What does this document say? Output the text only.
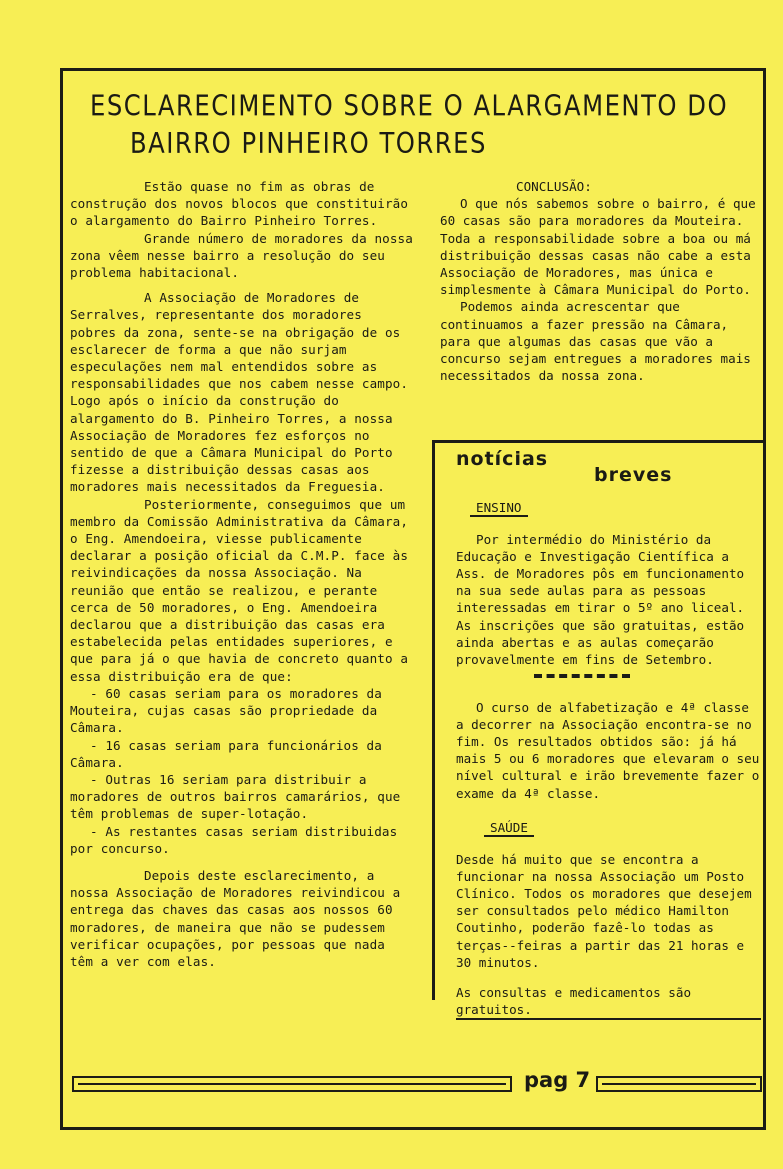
ESCLARECIMENTO SOBRE O ALARGAMENTO DO
BAIRRO PINHEIRO TORRES

Estão quase no fim as obras de construção dos novos blocos que constituirão o alargamento do Bairro Pinheiro Torres.

Grande número de moradores da nossa zona vêem nesse bairro a resolução do seu problema habitacional.

A Associação de Moradores de Serralves, representante dos moradores pobres da zona, sente-se na obrigação de os esclarecer de forma a que não surjam especulações nem mal entendidos sobre as responsabilidades que nos cabem nesse campo. Logo após o início da construção do alargamento do B. Pinheiro Torres, a nossa Associação de Moradores fez esforços no sentido de que a Câmara Municipal do Porto fizesse a distribuição dessas casas aos moradores mais necessitados da Freguesia.

Posteriormente, conseguimos que um membro da Comissão Administrativa da Câmara, o Eng. Amendoeira, viesse publicamente declarar a posição oficial da C.M.P. face às reivindicações da nossa Associação. Na reunião que então se realizou, e perante cerca de 50 moradores, o Eng. Amendoeira declarou que a distribuição das casas era estabelecida pelas entidades superiores, e que para já o que havia de concreto quanto a essa distribuição era de que:

- 60 casas seriam para os moradores da Mouteira, cujas casas são propriedade da Câmara.

- 16 casas seriam para funcionários da Câmara.

- Outras 16 seriam para distribuir a moradores de outros bairros camarários, que têm problemas de super-lotação.

- As restantes casas seriam distribuidas por concurso.

Depois deste esclarecimento, a nossa Associação de Moradores reivindicou a entrega das chaves das casas aos nossos 60 moradores, de maneira que não se pudessem verificar ocupações, por pessoas que nada têm a ver com elas.

CONCLUSÃO:

O que nós sabemos sobre o bairro, é que 60 casas são para moradores da Mouteira. Toda a responsabilidade sobre a boa ou má distribuição dessas casas não cabe a esta Associação de Moradores, mas única e simplesmente à Câmara Municipal do Porto.

Podemos ainda acrescentar que continuamos a fazer pressão na Câmara, para que algumas das casas que vão a concurso sejam entregues a moradores mais necessitados da nossa zona.

notícias
breves
ENSINO

Por intermédio do Ministério da Educação e Investigação Científica a Ass. de Moradores pôs em funcionamento na sua sede aulas para as pessoas interessadas em tirar o 5º ano liceal. As inscrições que são gratuitas, estão ainda abertas e as aulas começarão provavelmente em fins de Setembro.

O curso de alfabetização e 4ª classe a decorrer na Associação encontra-se no fim. Os resultados obtidos são: já há mais 5 ou 6 moradores que elevaram o seu nível cultural e irão brevemente fazer o exame da 4ª classe.

SAÚDE

Desde há muito que se encontra a funcionar na nossa Associação um Posto Clínico. Todos os moradores que desejem ser consultados pelo médico Hamilton Coutinho, poderão fazê-lo todas as terças--feiras a partir das 21 horas e 30 minutos.

As consultas e medicamentos são gratuitos.

pag 7
